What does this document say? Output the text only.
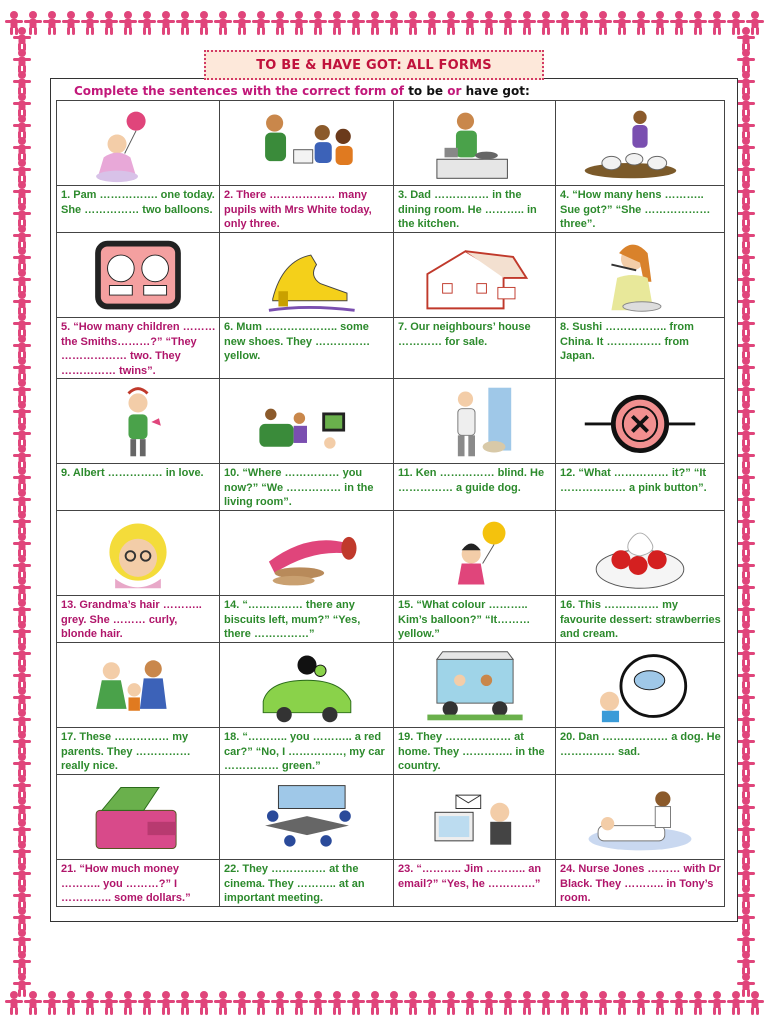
TO BE & HAVE GOT: ALL FORMS
Complete the sentences with the correct form of to be or have got:

1. Pam ……………. one today. She …………… two balloons.	2. There ……………… many pupils with Mrs White today, only three.	3. Dad …………… in the dining room. He ……….. in the kitchen.	4. “How many hens ……….. Sue got?” “She ……………… three”.

5. “How many children ………the Smiths………?” “They ……………… two. They …………… twins”.	6. Mum ……………….. some new shoes. They …………… yellow.	7. Our neighbours’ house ………… for sale.	8. Sushi …………….. from China. It …………… from Japan.

9. Albert …………… in love.	10. “Where …………… you now?” “We …………… in the living room”.	11. Ken …………… blind. He …………… a guide dog.	12. “What …………… it?” “It ……………… a pink button”.

13. Grandma’s hair ……….. grey. She ……… curly, blonde hair.	14. “…………… there any biscuits left, mum?” “Yes, there ……………”	15. “What colour ……….. Kim’s balloon?” “It……… yellow.”	16. This …………… my favourite dessert: strawberries and cream.

17. These …………… my parents. They …………… really nice.	18. “……….. you ……….. a red car?” “No, I ……………, my car …………… green.”	19. They ……………… at home. They ………….. in the country.	20. Dan ……………… a dog. He …………… sad.

21. “How much money ……….. you ………?” I ………….. some dollars.”	22. They …………… at the cinema. They ……….. at an important meeting.	23. “……….. Jim ……….. an email?” “Yes, he ………….”	24. Nurse Jones ……… with Dr Black. They ……….. in Tony’s room.
